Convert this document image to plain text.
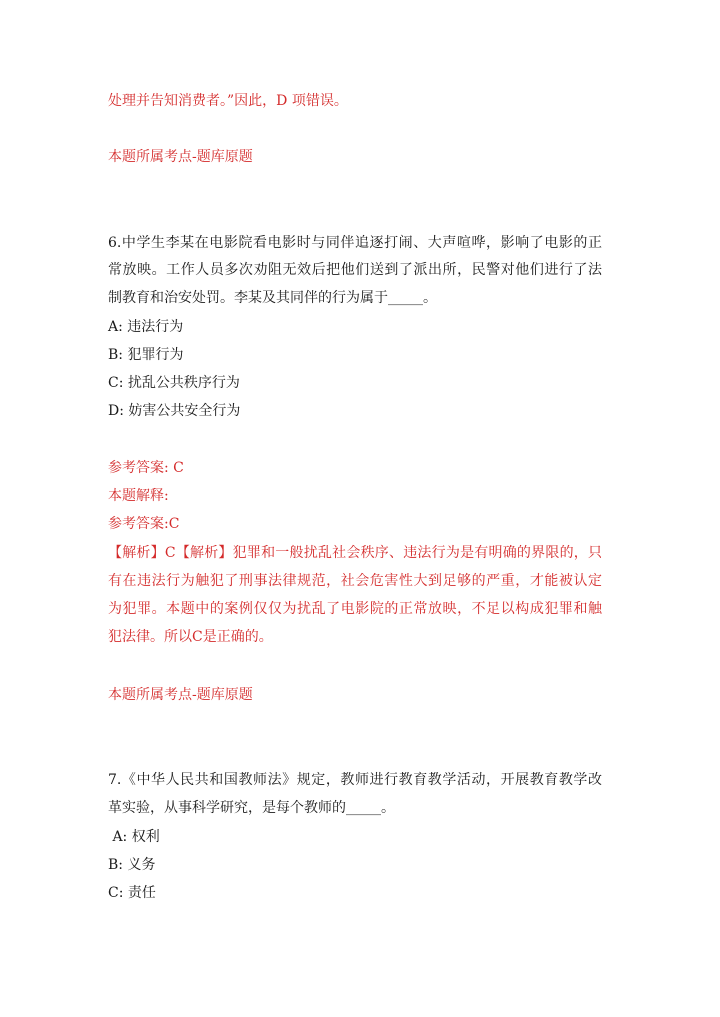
处理并告知消费者。”因此，D 项错误。
本题所属考点-题库原题
6.中学生李某在电影院看电影时与同伴追逐打闹、大声喧哗，影响了电影的正
常放映。工作人员多次劝阻无效后把他们送到了派出所，民警对他们进行了法
制教育和治安处罚。李某及其同伴的行为属于_____。
A: 违法行为
B: 犯罪行为
C: 扰乱公共秩序行为
D: 妨害公共安全行为
参考答案: C
本题解释:
参考答案:C
【解析】C【解析】犯罪和一般扰乱社会秩序、违法行为是有明确的界限的，只
有在违法行为触犯了刑事法律规范，社会危害性大到足够的严重，才能被认定
为犯罪。本题中的案例仅仅为扰乱了电影院的正常放映，不足以构成犯罪和触
犯法律。所以C是正确的。
本题所属考点-题库原题
7.《中华人民共和国教师法》规定，教师进行教育教学活动，开展教育教学改
革实验，从事科学研究，是每个教师的_____。
A: 权利
B: 义务
C: 责任
